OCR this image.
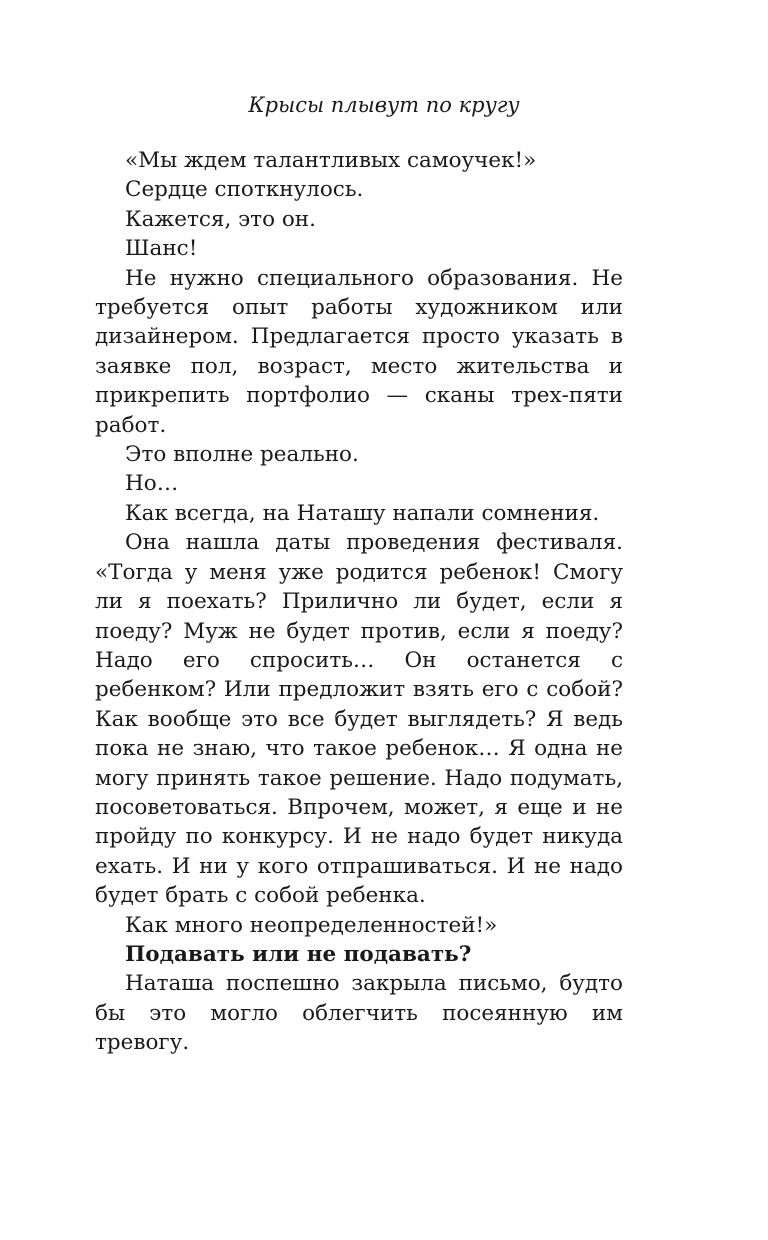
Крысы плывут по кругу

«Мы ждем талантливых самоучек!»

Сердце споткнулось.

Кажется, это он.

Шанс!

Не нужно специального образования. Не требуется опыт работы художником или дизайнером. Предлагается просто указать в заявке пол, возраст, место жительства и прикрепить портфолио — сканы трех-пяти работ.

Это вполне реально.

Но…

Как всегда, на Наташу напали сомнения.

Она нашла даты проведения фестиваля. «Тогда у меня уже родится ребенок! Смогу ли я поехать? Прилично ли будет, если я поеду? Муж не будет против, если я поеду? Надо его спросить… Он останется с ребенком? Или предложит взять его с собой? Как вообще это все будет выглядеть? Я ведь пока не знаю, что такое ребенок… Я одна не могу принять такое решение. Надо подумать, посоветоваться. Впрочем, может, я еще и не пройду по конкурсу. И не надо будет никуда ехать. И ни у кого отпрашиваться. И не надо будет брать с собой ребенка.

Как много неопределенностей!»

Подавать или не подавать?

Наташа поспешно закрыла письмо, будто бы это могло облегчить посеянную им тревогу.
